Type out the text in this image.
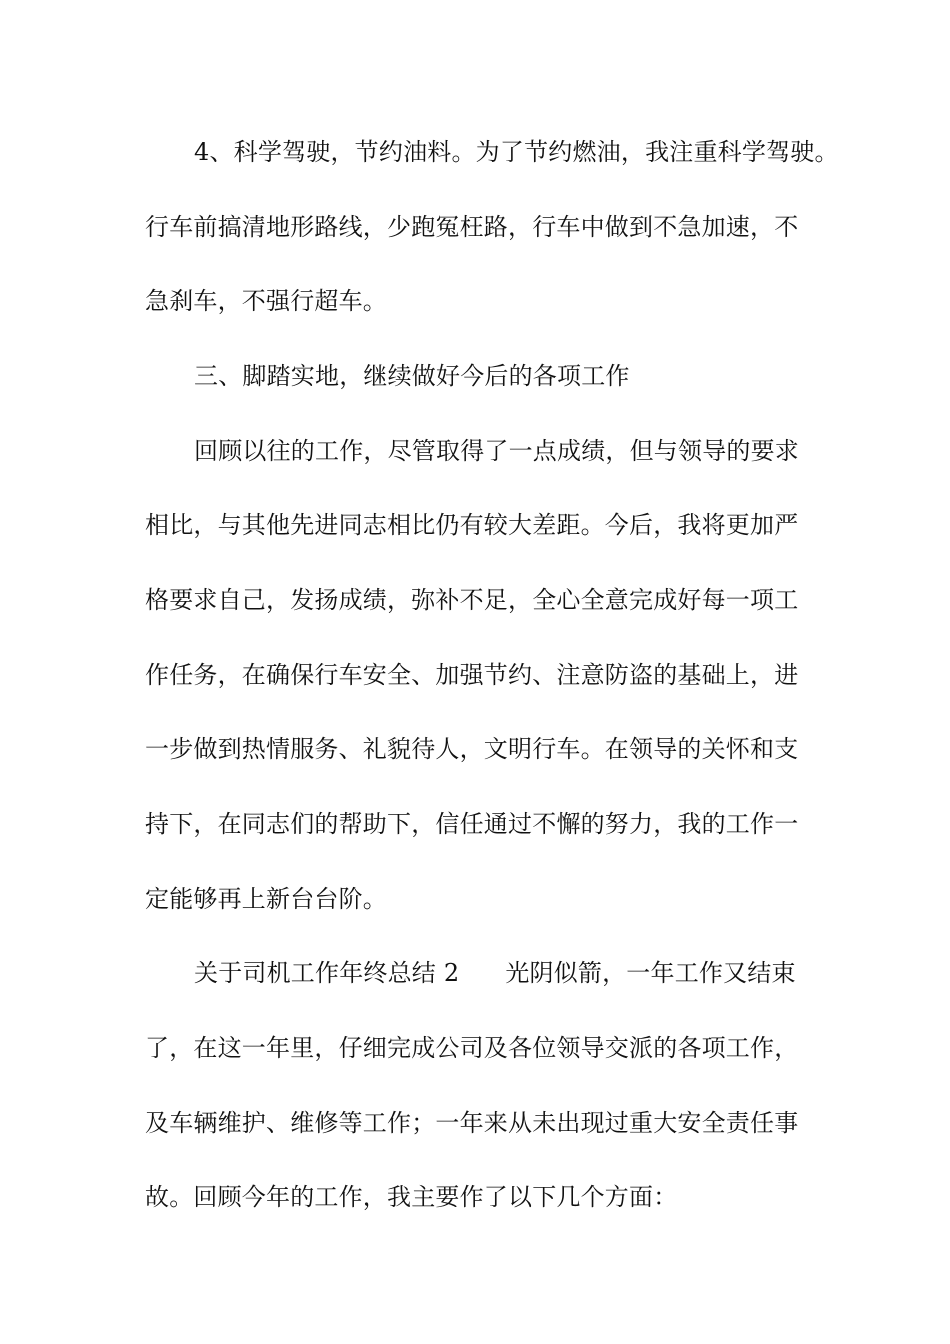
4、科学驾驶，节约油料。为了节约燃油，我注重科学驾驶。
行车前搞清地形路线，少跑冤枉路，行车中做到不急加速，不
急刹车，不强行超车。
三、脚踏实地，继续做好今后的各项工作
回顾以往的工作，尽管取得了一点成绩，但与领导的要求
相比，与其他先进同志相比仍有较大差距。今后，我将更加严
格要求自己，发扬成绩，弥补不足，全心全意完成好每一项工
作任务，在确保行车安全、加强节约、注意防盗的基础上，进
一步做到热情服务、礼貌待人，文明行车。在领导的关怀和支
持下，在同志们的帮助下，信任通过不懈的努力，我的工作一
定能够再上新台台阶。
关于司机工作年终总结 2 光阴似箭，一年工作又结束
了，在这一年里，仔细完成公司及各位领导交派的各项工作，
及车辆维护、维修等工作；一年来从未出现过重大安全责任事
故。回顾今年的工作，我主要作了以下几个方面：
